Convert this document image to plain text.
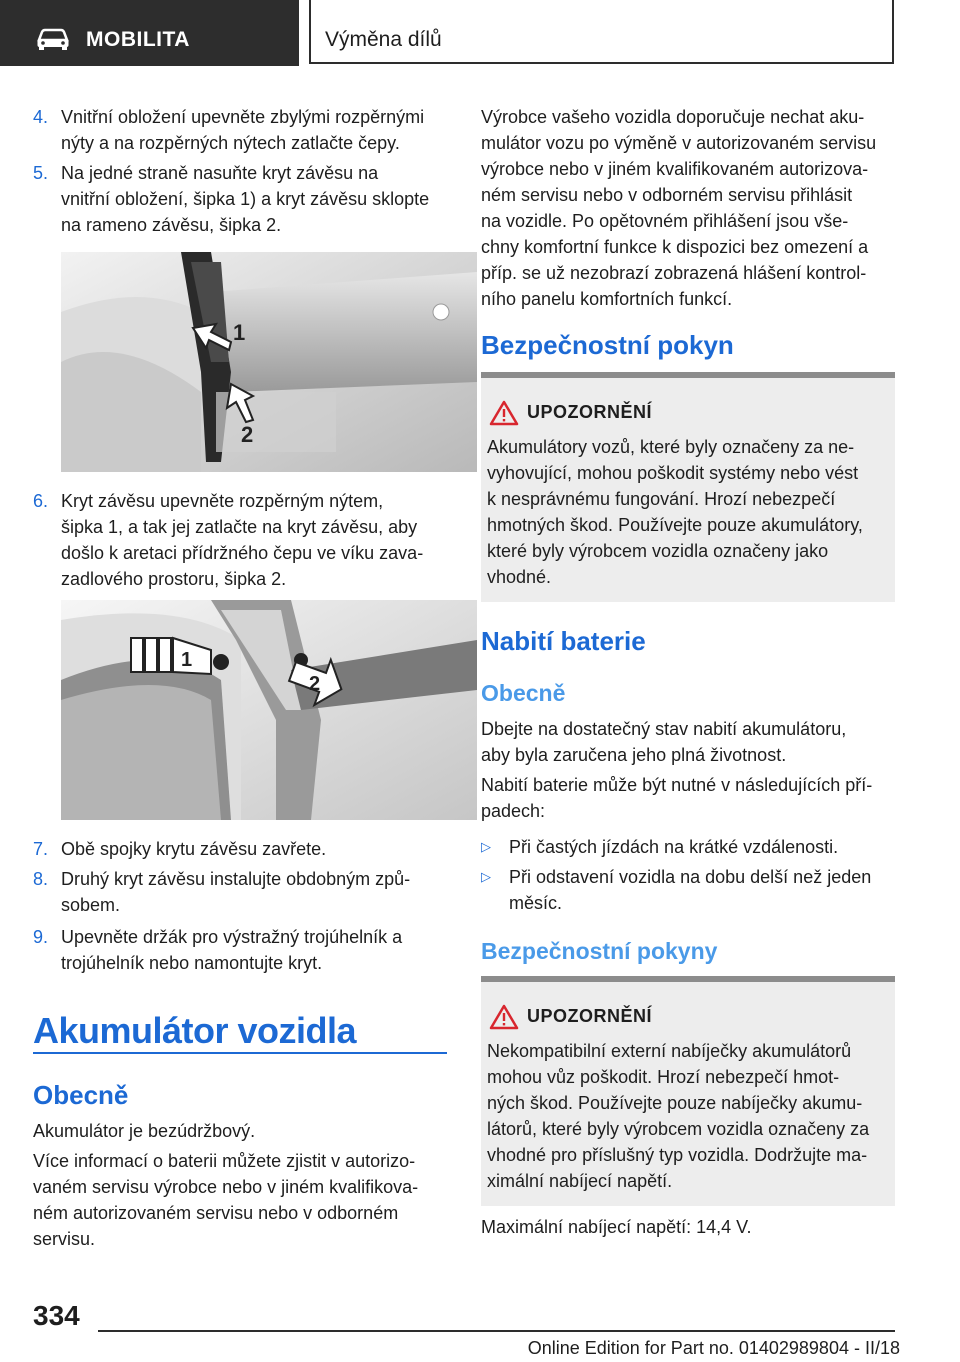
MOBILITA	Výměna dílů
4. Vnitřní obložení upevněte zbylými rozpěrnými
nýty a na rozpěrných nýtech zatlačte čepy.
5. Na jedné straně nasuňte kryt závěsu na
vnitřní obložení, šipka 1) a kryt závěsu sklopte
na rameno závěsu, šipka 2.
1
2
6. Kryt závěsu upevněte rozpěrným nýtem,
šipka 1, a tak jej zatlačte na kryt závěsu, aby
došlo k aretaci přídržného čepu ve víku zava-
zadlového prostoru, šipka 2.
1
2
7. Obě spojky krytu závěsu zavřete.
8. Druhý kryt závěsu instalujte obdobným způ-
sobem.
9. Upevněte držák pro výstražný trojúhelník a
trojúhelník nebo namontujte kryt.
Akumulátor vozidla
Obecně
Akumulátor je bezúdržbový.
Více informací o baterii můžete zjistit v autorizo-
vaném servisu výrobce nebo v jiném kvalifikova-
ném autorizovaném servisu nebo v odborném
servisu.
Výrobce vašeho vozidla doporučuje nechat aku-
mulátor vozu po výměně v autorizovaném servisu
výrobce nebo v jiném kvalifikovaném autorizova-
ném servisu nebo v odborném servisu přihlásit
na vozidle. Po opětovném přihlášení jsou vše-
chny komfortní funkce k dispozici bez omezení a
příp. se už nezobrazí zobrazená hlášení kontrol-
ního panelu komfortních funkcí.
Bezpečnostní pokyn
UPOZORNĚNÍ
Akumulátory vozů, které byly označeny za ne-
vyhovující, mohou poškodit systémy nebo vést
k nesprávnému fungování. Hrozí nebezpečí
hmotných škod. Používejte pouze akumulátory,
které byly výrobcem vozidla označeny jako
vhodné.
Nabití baterie
Obecně
Dbejte na dostatečný stav nabití akumulátoru,
aby byla zaručena jeho plná životnost.
Nabití baterie může být nutné v následujících pří-
padech:
▷ Při častých jízdách na krátké vzdálenosti.
▷ Při odstavení vozidla na dobu delší než jeden
měsíc.
Bezpečnostní pokyny
UPOZORNĚNÍ
Nekompatibilní externí nabíječky akumulátorů
mohou vůz poškodit. Hrozí nebezpečí hmot-
ných škod. Používejte pouze nabíječky akumu-
látorů, které byly výrobcem vozidla označeny za
vhodné pro příslušný typ vozidla. Dodržujte ma-
ximální nabíjecí napětí.
Maximální nabíjecí napětí: 14,4 V.
334
Online Edition for Part no. 01402989804 - II/18
